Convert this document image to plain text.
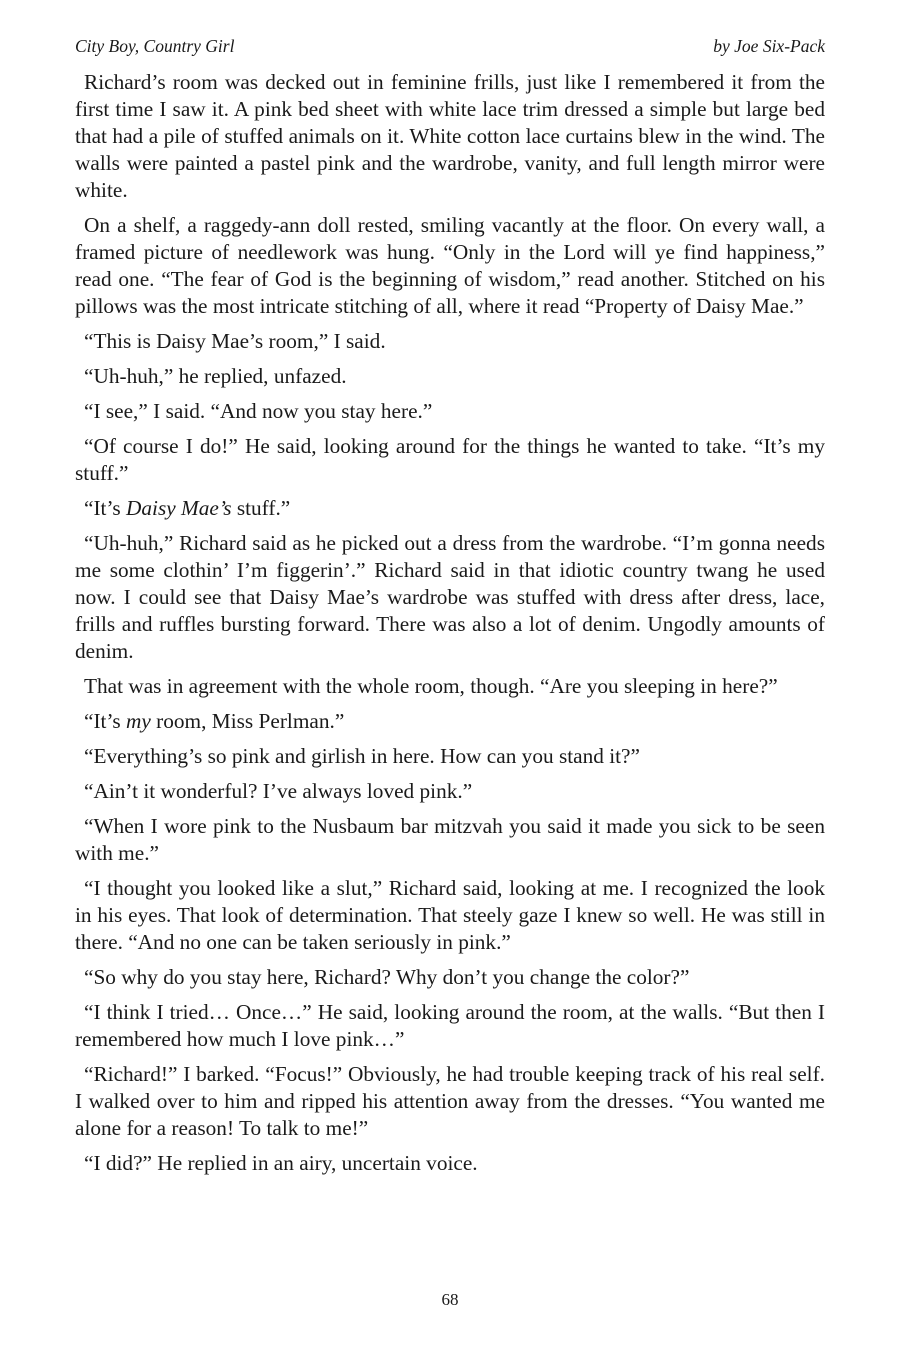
City Boy, Country Girl	by Joe Six-Pack

Richard’s room was decked out in feminine frills, just like I remembered it from the first time I saw it. A pink bed sheet with white lace trim dressed a simple but large bed that had a pile of stuffed animals on it. White cotton lace curtains blew in the wind. The walls were painted a pastel pink and the wardrobe, vanity, and full length mirror were white.

On a shelf, a raggedy-ann doll rested, smiling vacantly at the floor. On every wall, a framed picture of needlework was hung. “Only in the Lord will ye find happiness,” read one. “The fear of God is the beginning of wisdom,” read another. Stitched on his pillows was the most intricate stitching of all, where it read “Property of Daisy Mae.”

“This is Daisy Mae’s room,” I said.

“Uh-huh,” he replied, unfazed.

“I see,” I said. “And now you stay here.”

“Of course I do!” He said, looking around for the things he wanted to take. “It’s my stuff.”

“It’s Daisy Mae’s stuff.”

“Uh-huh,” Richard said as he picked out a dress from the wardrobe. “I’m gonna needs me some clothin’ I’m figgerin’.” Richard said in that idiotic country twang he used now. I could see that Daisy Mae’s wardrobe was stuffed with dress after dress, lace, frills and ruffles bursting forward. There was also a lot of denim. Ungodly amounts of denim.

That was in agreement with the whole room, though. “Are you sleeping in here?”

“It’s my room, Miss Perlman.”

“Everything’s so pink and girlish in here. How can you stand it?”

“Ain’t it wonderful? I’ve always loved pink.”

“When I wore pink to the Nusbaum bar mitzvah you said it made you sick to be seen with me.”

“I thought you looked like a slut,” Richard said, looking at me. I recognized the look in his eyes. That look of determination. That steely gaze I knew so well. He was still in there. “And no one can be taken seriously in pink.”

“So why do you stay here, Richard? Why don’t you change the color?”

“I think I tried… Once…” He said, looking around the room, at the walls. “But then I remembered how much I love pink…”

“Richard!” I barked. “Focus!” Obviously, he had trouble keeping track of his real self. I walked over to him and ripped his attention away from the dresses. “You wanted me alone for a reason! To talk to me!”

“I did?” He replied in an airy, uncertain voice.

68
